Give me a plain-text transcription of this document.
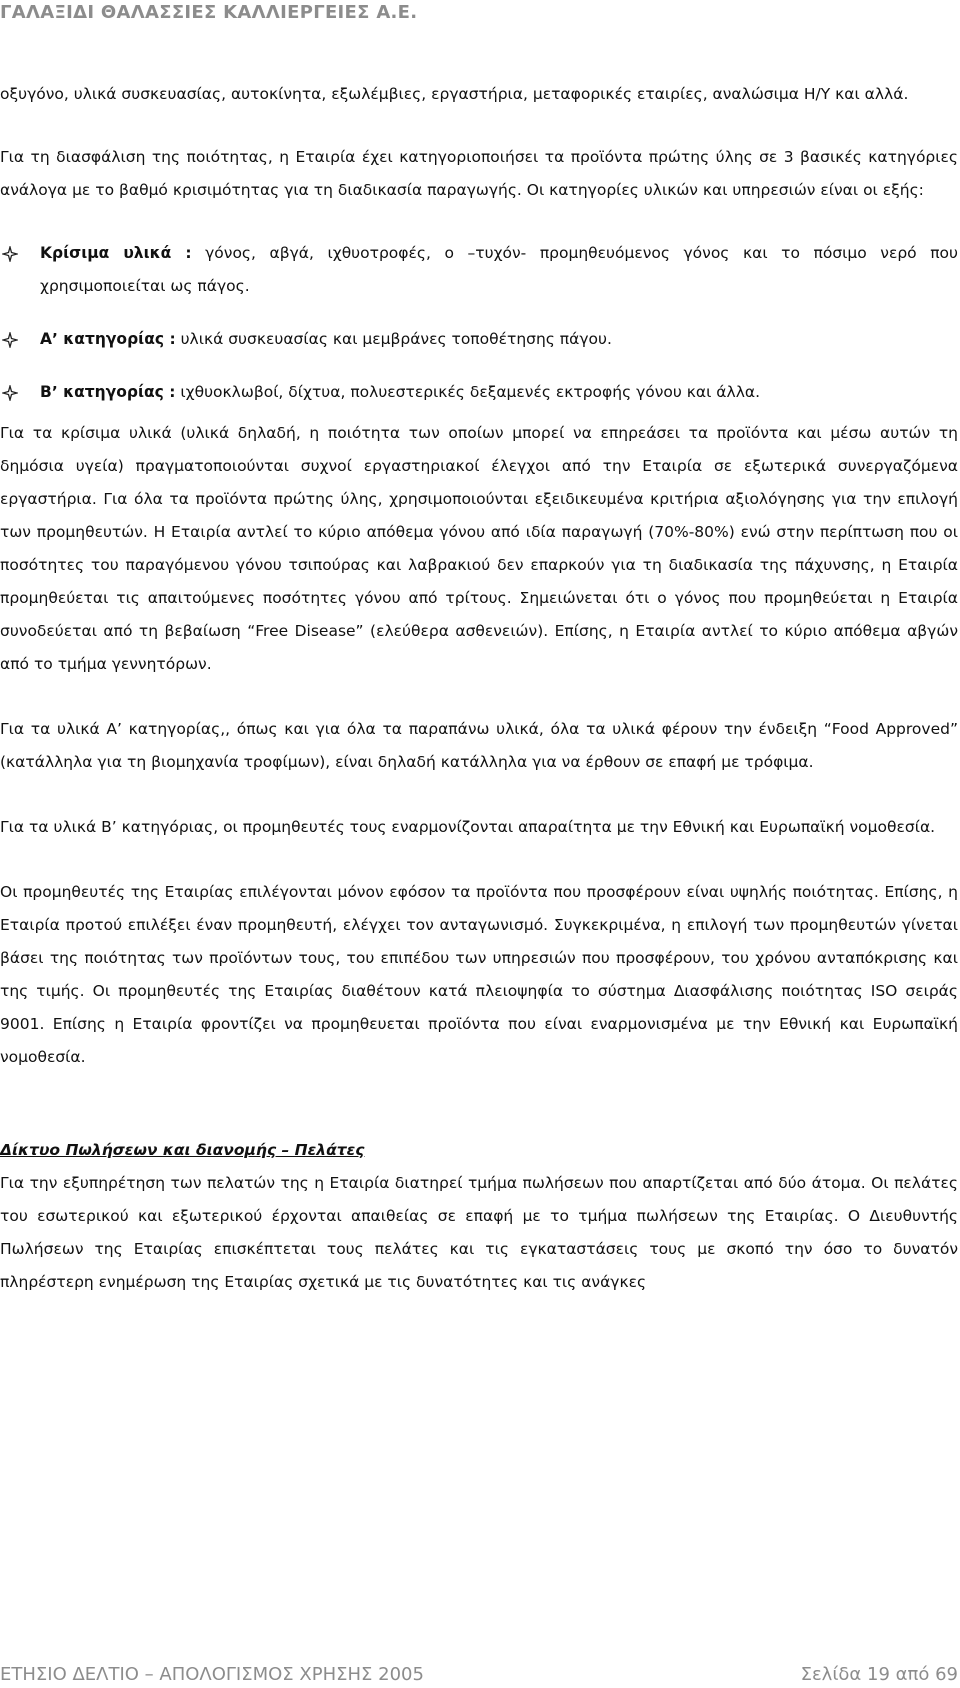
ΓΑΛΑΞΙΔΙ ΘΑΛΑΣΣΙΕΣ ΚΑΛΛΙΕΡΓΕΙΕΣ Α.Ε.

οξυγόνο, υλικά συσκευασίας, αυτοκίνητα, εξωλέμβιες, εργαστήρια, μεταφορικές εταιρίες, αναλώσιμα Η/Υ και αλλά.

Για τη διασφάλιση της ποιότητας, η Εταιρία έχει κατηγοριοποιήσει τα προϊόντα πρώτης ύλης σε 3 βασικές κατηγόριες ανάλογα με το βαθμό κρισιμότητας για τη διαδικασία παραγωγής. Οι κατηγορίες υλικών και υπηρεσιών είναι οι εξής:

Κρίσιμα υλικά : γόνος, αβγά, ιχθυοτροφές, ο –τυχόν- προμηθευόμενος γόνος και το πόσιμο νερό που χρησιμοποιείται ως πάγος.

Α’ κατηγορίας : υλικά συσκευασίας και μεμβράνες τοποθέτησης πάγου.

Β’ κατηγορίας : ιχθυοκλωβοί, δίχτυα, πολυεστερικές δεξαμενές εκτροφής γόνου και άλλα.

Για τα κρίσιμα υλικά (υλικά δηλαδή, η ποιότητα των οποίων μπορεί να επηρεάσει τα προϊόντα και μέσω αυτών τη δημόσια υγεία) πραγματοποιούνται συχνοί εργαστηριακοί έλεγχοι από την Εταιρία σε εξωτερικά συνεργαζόμενα εργαστήρια. Για όλα τα προϊόντα πρώτης ύλης, χρησιμοποιούνται εξειδικευμένα κριτήρια αξιολόγησης για την επιλογή των προμηθευτών. Η Εταιρία αντλεί το κύριο απόθεμα γόνου από ιδία παραγωγή (70%-80%) ενώ στην περίπτωση που οι ποσότητες του παραγόμενου γόνου τσιπούρας και λαβρακιού δεν επαρκούν για τη διαδικασία της πάχυνσης, η Εταιρία προμηθεύεται τις απαιτούμενες ποσότητες γόνου από τρίτους. Σημειώνεται ότι ο γόνος που προμηθεύεται η Εταιρία συνοδεύεται από τη βεβαίωση “Free Disease” (ελεύθερα ασθενειών). Επίσης, η Εταιρία αντλεί το κύριο απόθεμα αβγών από το τμήμα γεννητόρων.

Για τα υλικά Α’ κατηγορίας,, όπως και για όλα τα παραπάνω υλικά, όλα τα υλικά φέρουν την ένδειξη “Food Approved” (κατάλληλα για τη βιομηχανία τροφίμων), είναι δηλαδή κατάλληλα για να έρθουν σε επαφή με τρόφιμα.

Για τα υλικά Β’ κατηγόριας, οι προμηθευτές τους εναρμονίζονται απαραίτητα με την Εθνική και Ευρωπαϊκή νομοθεσία.

Οι προμηθευτές της Εταιρίας επιλέγονται μόνον εφόσον τα προϊόντα που προσφέρουν είναι υψηλής ποιότητας. Επίσης, η Εταιρία προτού επιλέξει έναν προμηθευτή, ελέγχει τον ανταγωνισμό. Συγκεκριμένα, η επιλογή των προμηθευτών γίνεται βάσει της ποιότητας των προϊόντων τους, του επιπέδου των υπηρεσιών που προσφέρουν, του χρόνου ανταπόκρισης και της τιμής. Οι προμηθευτές της Εταιρίας διαθέτουν κατά πλειοψηφία το σύστημα Διασφάλισης ποιότητας ISO σειράς 9001. Επίσης η Εταιρία φροντίζει να προμηθευεται προϊόντα που είναι εναρμονισμένα με την Εθνική και Ευρωπαϊκή νομοθεσία.

Δίκτυο Πωλήσεων και διανομής – Πελάτες

Για την εξυπηρέτηση των πελατών της η Εταιρία διατηρεί τμήμα πωλήσεων που απαρτίζεται από δύο άτομα. Οι πελάτες του εσωτερικού και εξωτερικού έρχονται απαιθείας σε επαφή με το τμήμα πωλήσεων της Εταιρίας. Ο Διευθυντής Πωλήσεων της Εταιρίας επισκέπτεται τους πελάτες και τις εγκαταστάσεις τους με σκοπό την όσο το δυνατόν πληρέστερη ενημέρωση της Εταιρίας σχετικά με τις δυνατότητες και τις ανάγκες

ΕΤΗΣΙΟ ΔΕΛΤΙΟ – ΑΠΟΛΟΓΙΣΜΟΣ ΧΡΗΣΗΣ 2005	Σελίδα 19 από 69
